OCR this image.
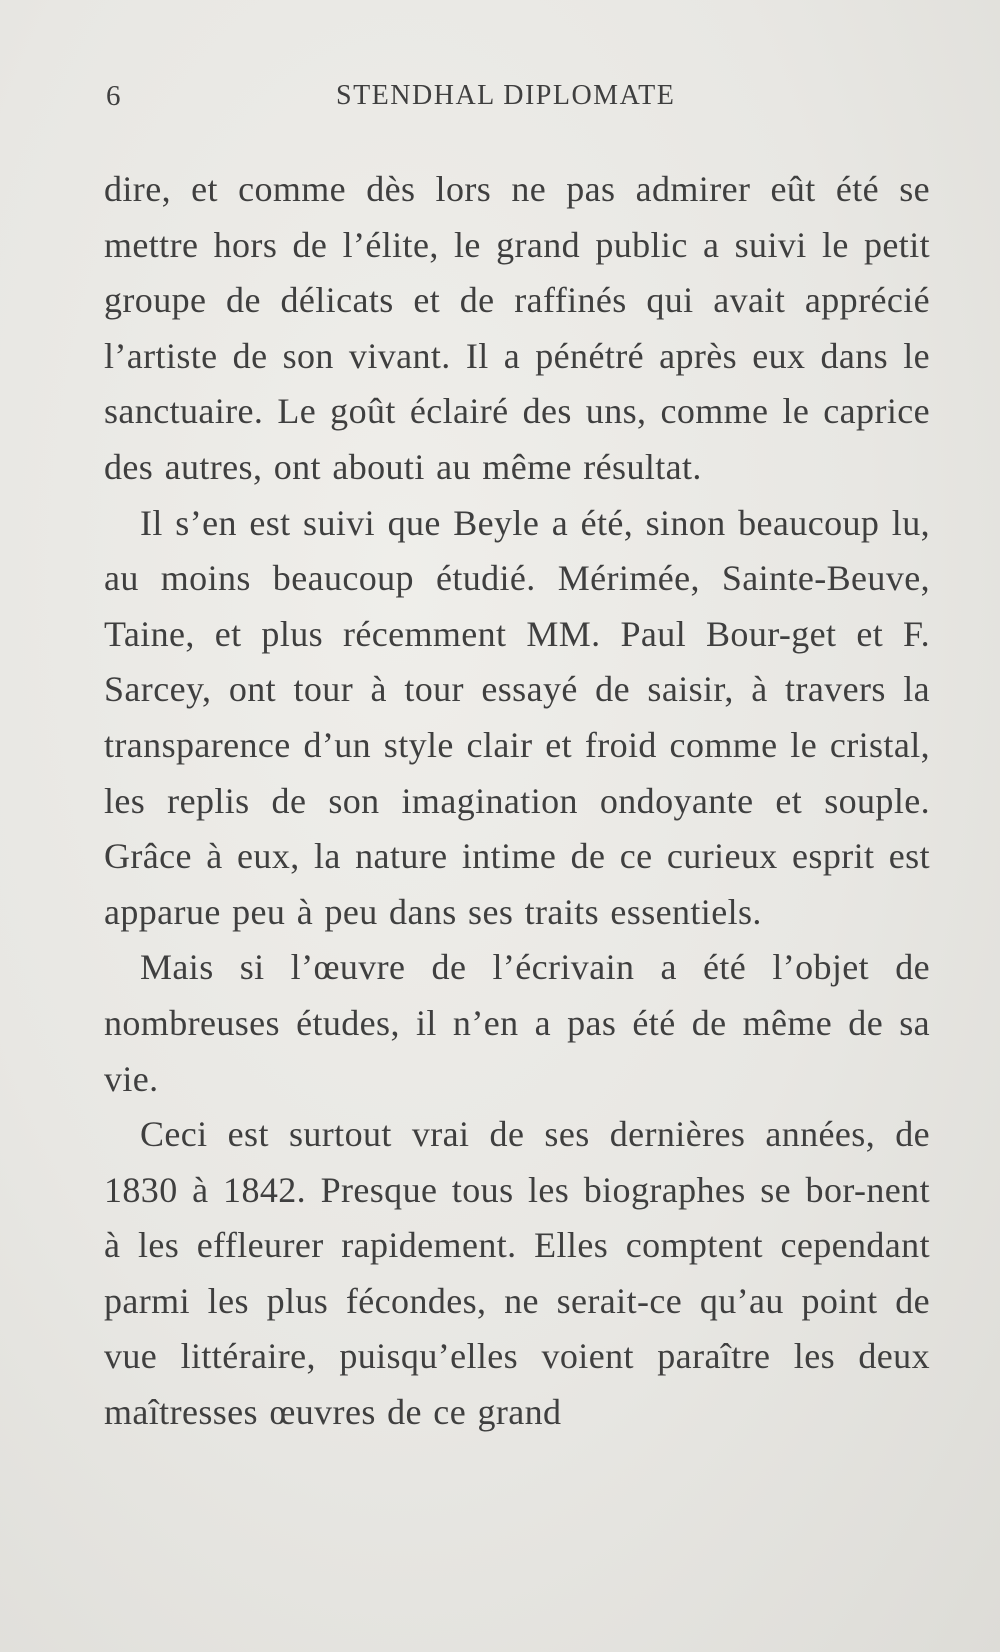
6	STENDHAL DIPLOMATE

dire, et comme dès lors ne pas admirer eût été se mettre hors de l’élite, le grand public a suivi le petit groupe de délicats et de raffinés qui avait apprécié l’artiste de son vivant. Il a pénétré après eux dans le sanctuaire. Le goût éclairé des uns, comme le caprice des autres, ont abouti au même résultat.

Il s’en est suivi que Beyle a été, sinon beaucoup lu, au moins beaucoup étudié. Mérimée, Sainte-Beuve, Taine, et plus récemment MM. Paul Bour-get et F. Sarcey, ont tour à tour essayé de saisir, à travers la transparence d’un style clair et froid comme le cristal, les replis de son imagination ondoyante et souple. Grâce à eux, la nature intime de ce curieux esprit est apparue peu à peu dans ses traits essentiels.

Mais si l’œuvre de l’écrivain a été l’objet de nombreuses études, il n’en a pas été de même de sa vie.

Ceci est surtout vrai de ses dernières années, de 1830 à 1842. Presque tous les biographes se bor-nent à les effleurer rapidement. Elles comptent cependant parmi les plus fécondes, ne serait-ce qu’au point de vue littéraire, puisqu’elles voient paraître les deux maîtresses œuvres de ce grand
